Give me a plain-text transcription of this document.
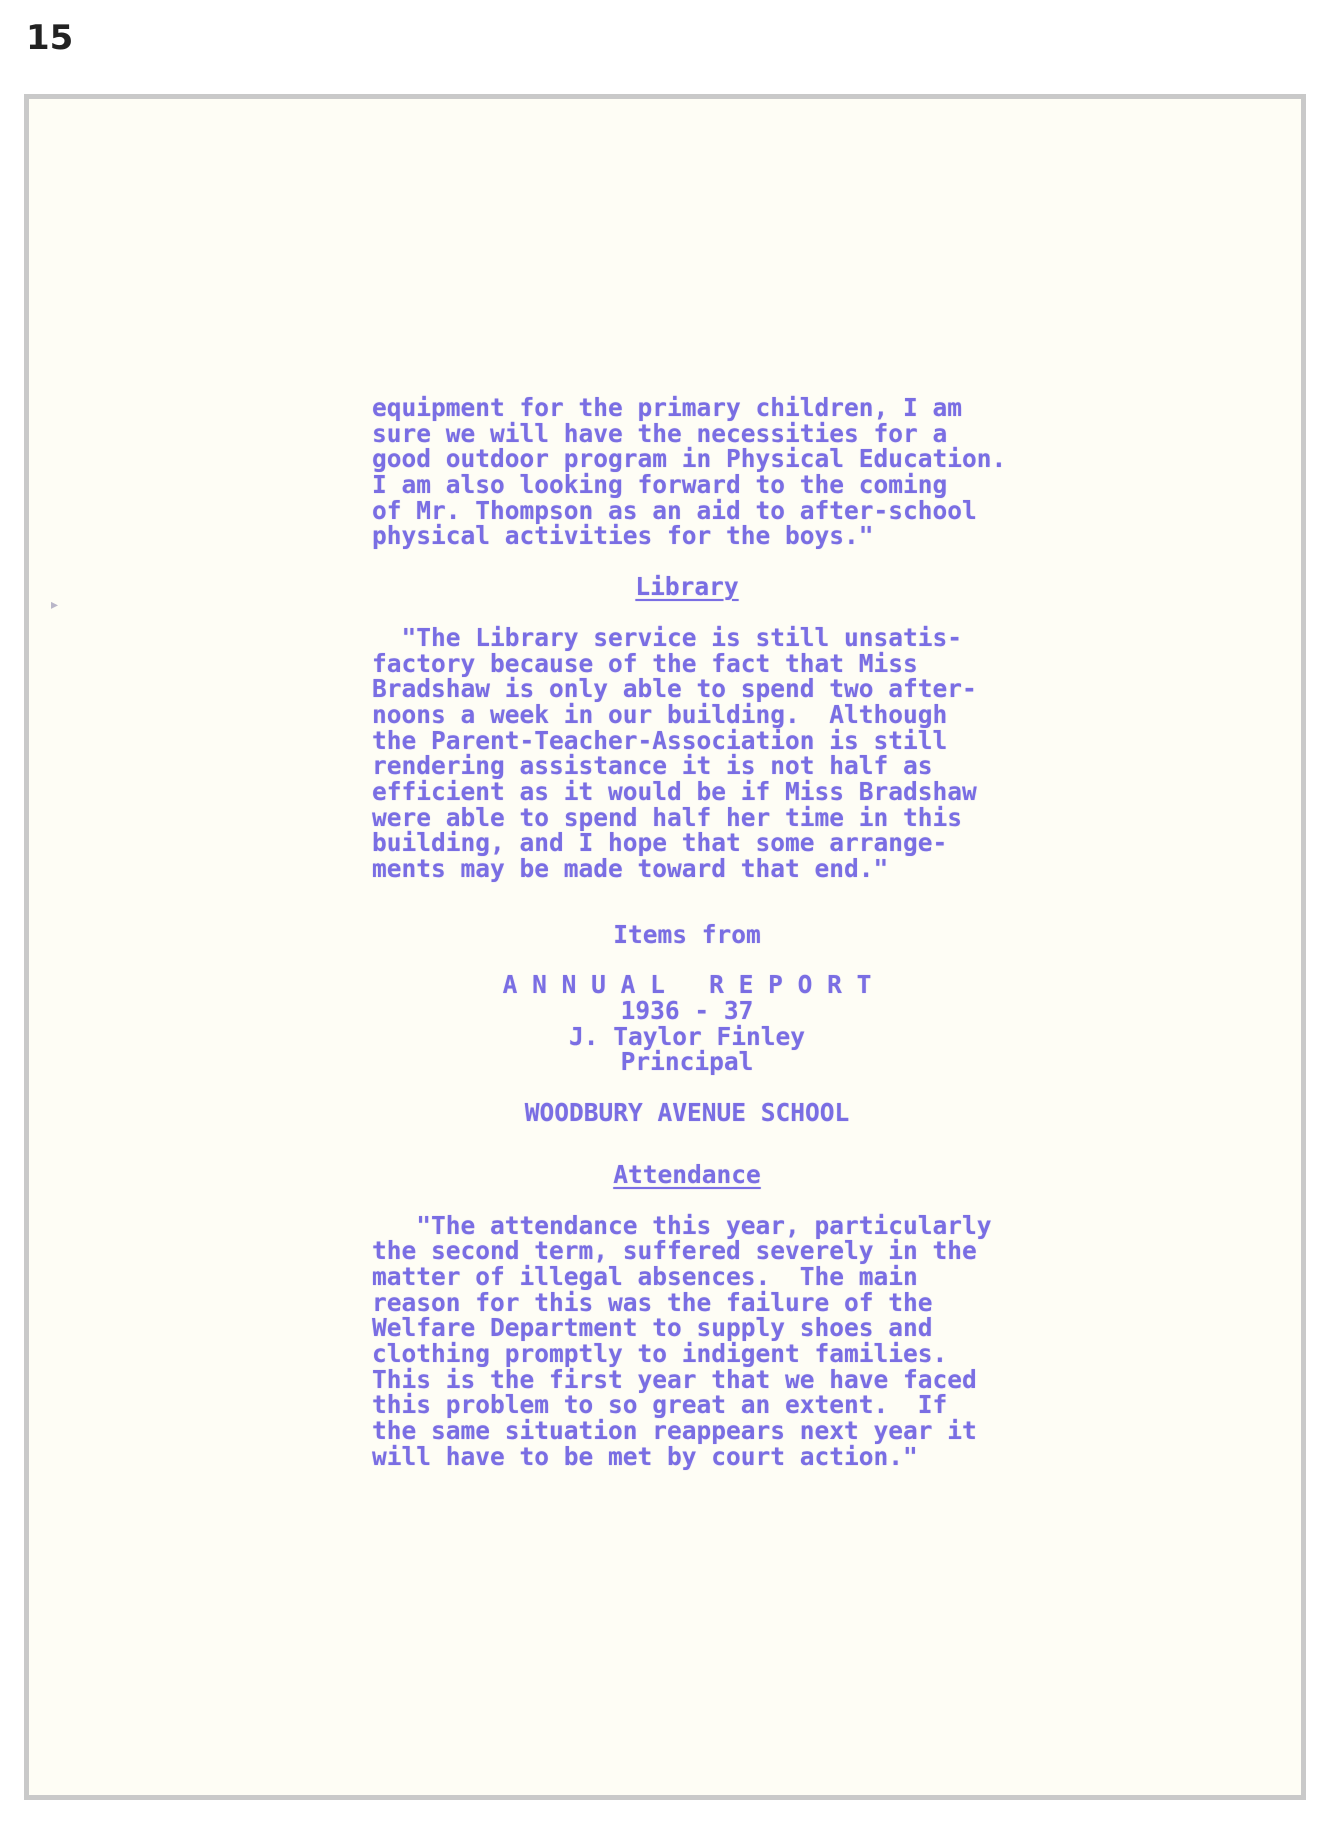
15
▸
equipment for the primary children, I am
sure we will have the necessities for a
good outdoor program in Physical Education.
I am also looking forward to the coming
of Mr. Thompson as an aid to after-school
physical activities for the boys."
Library
"The Library service is still unsatis-
factory because of the fact that Miss
Bradshaw is only able to spend two after-
noons a week in our building.  Although
the Parent-Teacher-Association is still
rendering assistance it is not half as
efficient as it would be if Miss Bradshaw
were able to spend half her time in this
building, and I hope that some arrange-
ments may be made toward that end."
Items from
A N N U A L   R E P O R T
1936 - 37
J. Taylor Finley
Principal
WOODBURY AVENUE SCHOOL
Attendance
"The attendance this year, particularly
the second term, suffered severely in the
matter of illegal absences.  The main
reason for this was the failure of the
Welfare Department to supply shoes and
clothing promptly to indigent families.
This is the first year that we have faced
this problem to so great an extent.  If
the same situation reappears next year it
will have to be met by court action."
